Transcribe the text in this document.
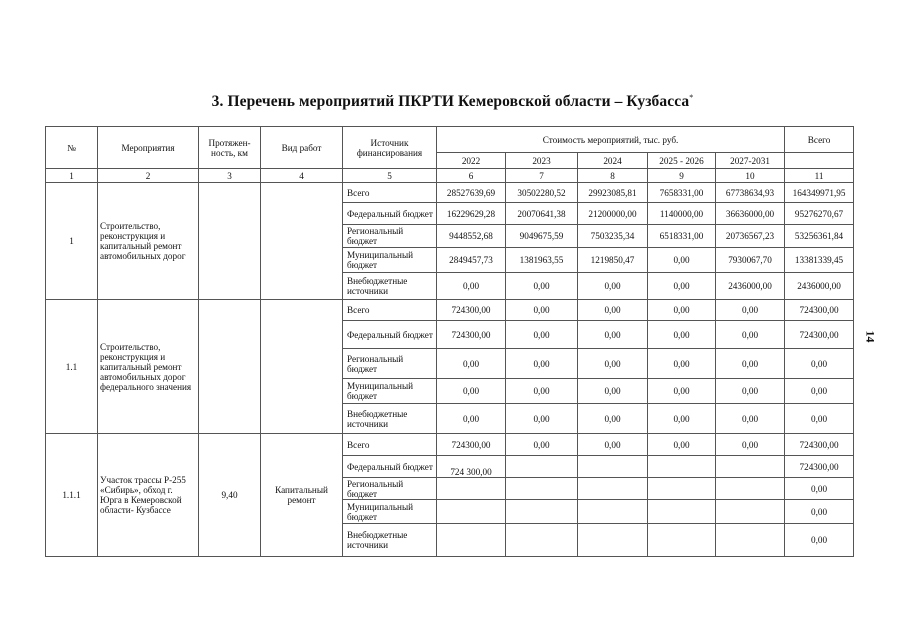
3. Перечень мероприятий ПКРТИ Кемеровской области – Кузбасса*
14
№	Мероприятия	Протяжен-ность, км	Вид работ	Источник финансирования	Стоимость мероприятий, тыс. руб.					Всего
					2022	2023	2024	2025 - 2026	2027-2031	
1	2	3	4	5	6	7	8	9	10	11
1	Строительство, реконструкция и капитальный ремонт автомобильных дорог			Всего	28527639,69	30502280,52	29923085,81	7658331,00	67738634,93	164349971,95
				Федеральный бюджет	16229629,28	20070641,38	21200000,00	1140000,00	36636000,00	95276270,67
				Региональный бюджет	9448552,68	9049675,59	7503235,34	6518331,00	20736567,23	53256361,84
				Муниципальный бюджет	2849457,73	1381963,55	1219850,47	0,00	7930067,70	13381339,45
				Внебюджетные источники	0,00	0,00	0,00	0,00	2436000,00	2436000,00
1.1	Строительство, реконструкция и капитальный ремонт автомобильных дорог федерального значения			Всего	724300,00	0,00	0,00	0,00	0,00	724300,00
				Федеральный бюджет	724300,00	0,00	0,00	0,00	0,00	724300,00
				Региональный бюджет	0,00	0,00	0,00	0,00	0,00	0,00
				Муниципальный бюджет	0,00	0,00	0,00	0,00	0,00	0,00
				Внебюджетные источники	0,00	0,00	0,00	0,00	0,00	0,00
1.1.1	Участок трассы Р-255 «Сибирь», обход г. Юрга в Кемеровской области- Кузбассе	9,40	Капитальный ремонт	Всего	724300,00	0,00	0,00	0,00	0,00	724300,00
				Федеральный бюджет	724 300,00					724300,00
				Региональный бюджет						0,00
				Муниципальный бюджет						0,00
				Внебюджетные источники						0,00
